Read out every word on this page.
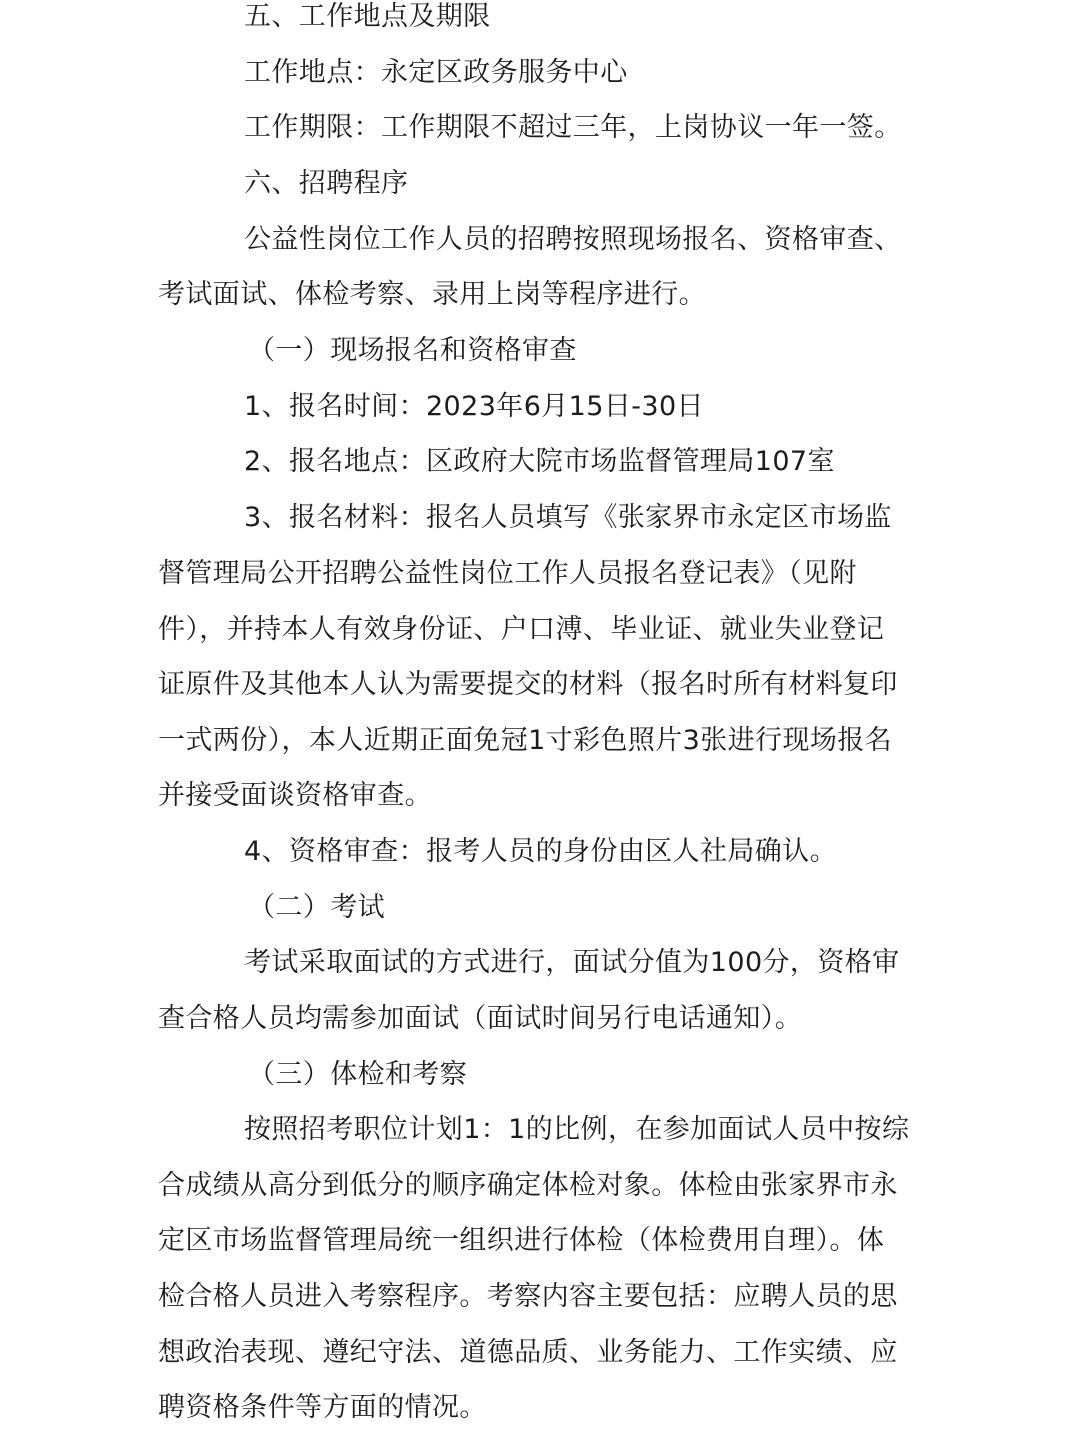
五、工作地点及期限
工作地点：永定区政务服务中心
工作期限：工作期限不超过三年，上岗协议一年一签。
六、招聘程序
公益性岗位工作人员的招聘按照现场报名、资格审查、
考试面试、体检考察、录用上岗等程序进行。
（一）现场报名和资格审查
1、报名时间：2023年6月15日-30日
2、报名地点：区政府大院市场监督管理局107室
3、报名材料：报名人员填写《张家界市永定区市场监
督管理局公开招聘公益性岗位工作人员报名登记表》（见附
件），并持本人有效身份证、户口溥、毕业证、就业失业登记
证原件及其他本人认为需要提交的材料（报名时所有材料复印
一式两份），本人近期正面免冠1寸彩色照片3张进行现场报名
并接受面谈资格审查。
4、资格审查：报考人员的身份由区人社局确认。
（二）考试
考试采取面试的方式进行，面试分值为100分，资格审
查合格人员均需参加面试（面试时间另行电话通知）。
（三）体检和考察
按照招考职位计划1：1的比例，在参加面试人员中按综
合成绩从高分到低分的顺序确定体检对象。体检由张家界市永
定区市场监督管理局统一组织进行体检（体检费用自理）。体
检合格人员进入考察程序。考察内容主要包括：应聘人员的思
想政治表现、遵纪守法、道德品质、业务能力、工作实绩、应
聘资格条件等方面的情况。
